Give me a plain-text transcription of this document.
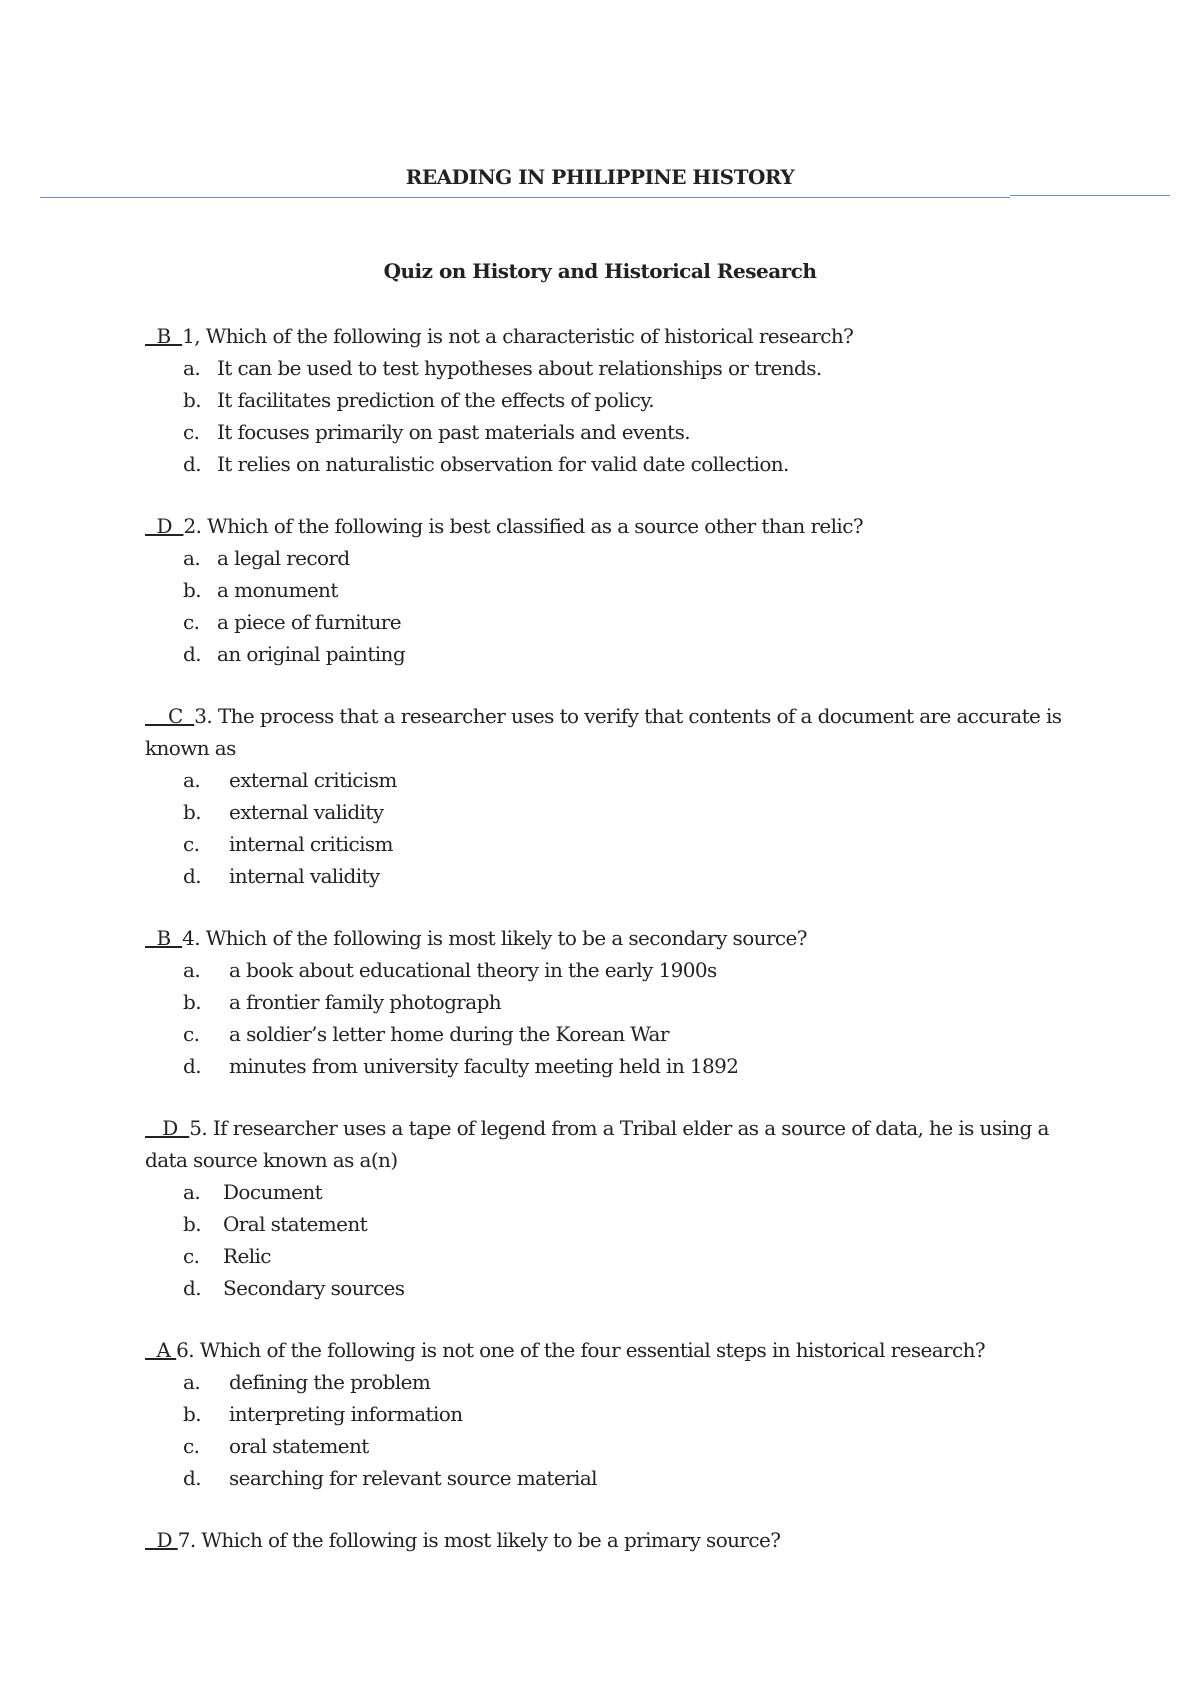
READING IN PHILIPPINE HISTORY
Quiz on History and Historical Research
B  1, Which of the following is not a characteristic of historical research?
a. It can be used to test hypotheses about relationships or trends.
b. It facilitates prediction of the effects of policy.
c. It focuses primarily on past materials and events.
d. It relies on naturalistic observation for valid date collection.
D  2. Which of the following is best classified as a source other than relic?
a. a legal record
b. a monument
c. a piece of furniture
d. an original painting
C  3. The process that a researcher uses to verify that contents of a document are accurate is known as
a. external criticism
b. external validity
c. internal criticism
d. internal validity
B  4. Which of the following is most likely to be a secondary source?
a. a book about educational theory in the early 1900s
b. a frontier family photograph
c. a soldier’s letter home during the Korean War
d. minutes from university faculty meeting held in 1892
D  5. If researcher uses a tape of legend from a Tribal elder as a source of data, he is using a data source known as a(n)
a. Document
b. Oral statement
c. Relic
d. Secondary sources
A 6. Which of the following is not one of the four essential steps in historical research?
a. defining the problem
b. interpreting information
c. oral statement
d. searching for relevant source material
D 7. Which of the following is most likely to be a primary source?
